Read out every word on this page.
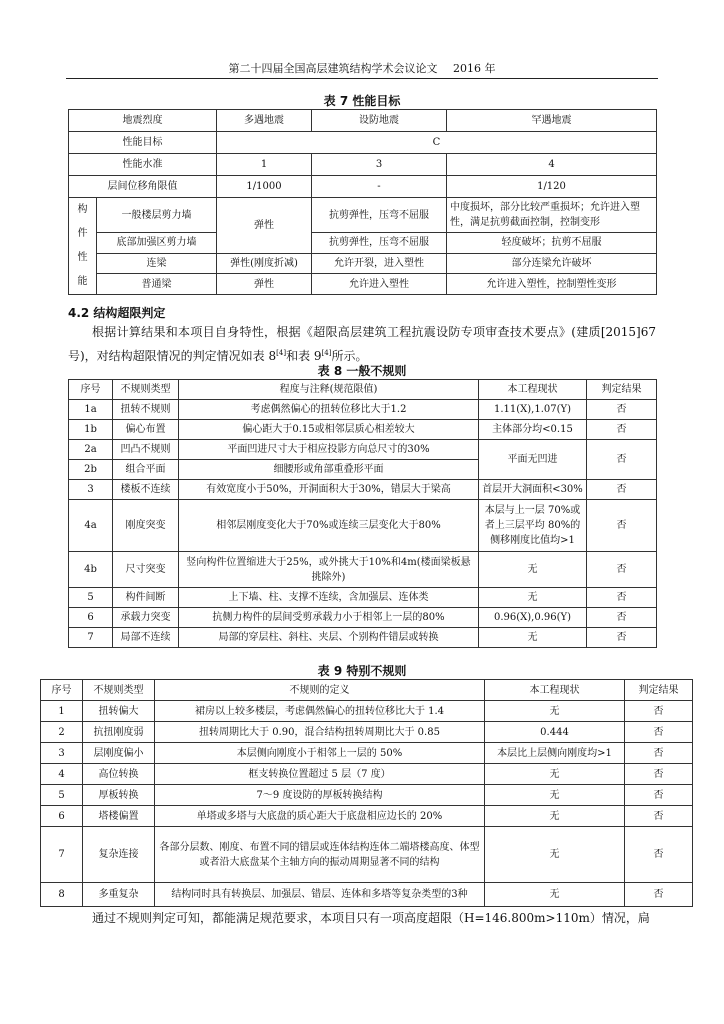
第二十四届全国高层建筑结构学术会议论文 2016 年
表 7 性能目标
地震烈度		多遇地震	设防地震	罕遇地震
性能目标		C		
性能水准		1	3	4
层间位移角限值		1/1000	-	1/120
构
件
性
能	一般楼层剪力墙	弹性	抗剪弹性，压弯不屈服	中度损坏，部分比较严重损坏；允许进入塑性，满足抗剪截面控制，控制变形
	底部加强区剪力墙		抗剪弹性，压弯不屈服	轻度破坏；抗剪不屈服
	连梁	弹性(刚度折减)	允许开裂，进入塑性	部分连梁允许破坏
	普通梁	弹性	允许进入塑性	允许进入塑性，控制塑性变形
4.2 结构超限判定
根据计算结果和本项目自身特性，根据《超限高层建筑工程抗震设防专项审查技术要点》(建质[2015]67 号)，对结构超限情况的判定情况如表 8[4]和表 9[4]所示。
表 8 一般不规则
序号	不规则类型	程度与注释(规范限值)	本工程现状	判定结果
1a	扭转不规则	考虑偶然偏心的扭转位移比大于1.2	1.11(X),1.07(Y)	否
1b	偏心布置	偏心距大于0.15或相邻层质心相差较大	主体部分均<0.15	否
2a	凹凸不规则	平面凹进尺寸大于相应投影方向总尺寸的30%	平面无凹进	否
2b	组合平面	细腰形或角部重叠形平面		
3	楼板不连续	有效宽度小于50%，开洞面积大于30%，错层大于梁高	首层开大洞面积<30%	否
4a	刚度突变	相邻层刚度变化大于70%或连续三层变化大于80%	本层与上一层 70%或者上三层平均 80%的侧移刚度比值均>1	否
4b	尺寸突变	竖向构件位置缩进大于25%，或外挑大于10%和4m(楼面梁板悬挑除外)	无	否
5	构件间断	上下墙、柱、支撑不连续，含加强层、连体类	无	否
6	承载力突变	抗侧力构件的层间受剪承载力小于相邻上一层的80%	0.96(X),0.96(Y)	否
7	局部不连续	局部的穿层柱、斜柱、夹层、个别构件错层或转换	无	否
表 9 特别不规则
序号	不规则类型	不规则的定义	本工程现状	判定结果
1	扭转偏大	裙房以上较多楼层，考虑偶然偏心的扭转位移比大于 1.4	无	否
2	抗扭刚度弱	扭转周期比大于 0.90，混合结构扭转周期比大于 0.85	0.444	否
3	层刚度偏小	本层侧向刚度小于相邻上一层的 50%	本层比上层侧向刚度均>1	否
4	高位转换	框支转换位置超过 5 层（7 度）	无	否
5	厚板转换	7～9 度设防的厚板转换结构	无	否
6	塔楼偏置	单塔或多塔与大底盘的质心距大于底盘相应边长的 20%	无	否
7	复杂连接	各部分层数、刚度、布置不同的错层或连体结构连体二端塔楼高度、体型或者沿大底盘某个主轴方向的振动周期显著不同的结构	无	否
8	多重复杂	结构同时具有转换层、加强层、错层、连体和多塔等复杂类型的3种	无	否
通过不规则判定可知，都能满足规范要求，本项目只有一项高度超限（H=146.800m>110m）情况，扃
